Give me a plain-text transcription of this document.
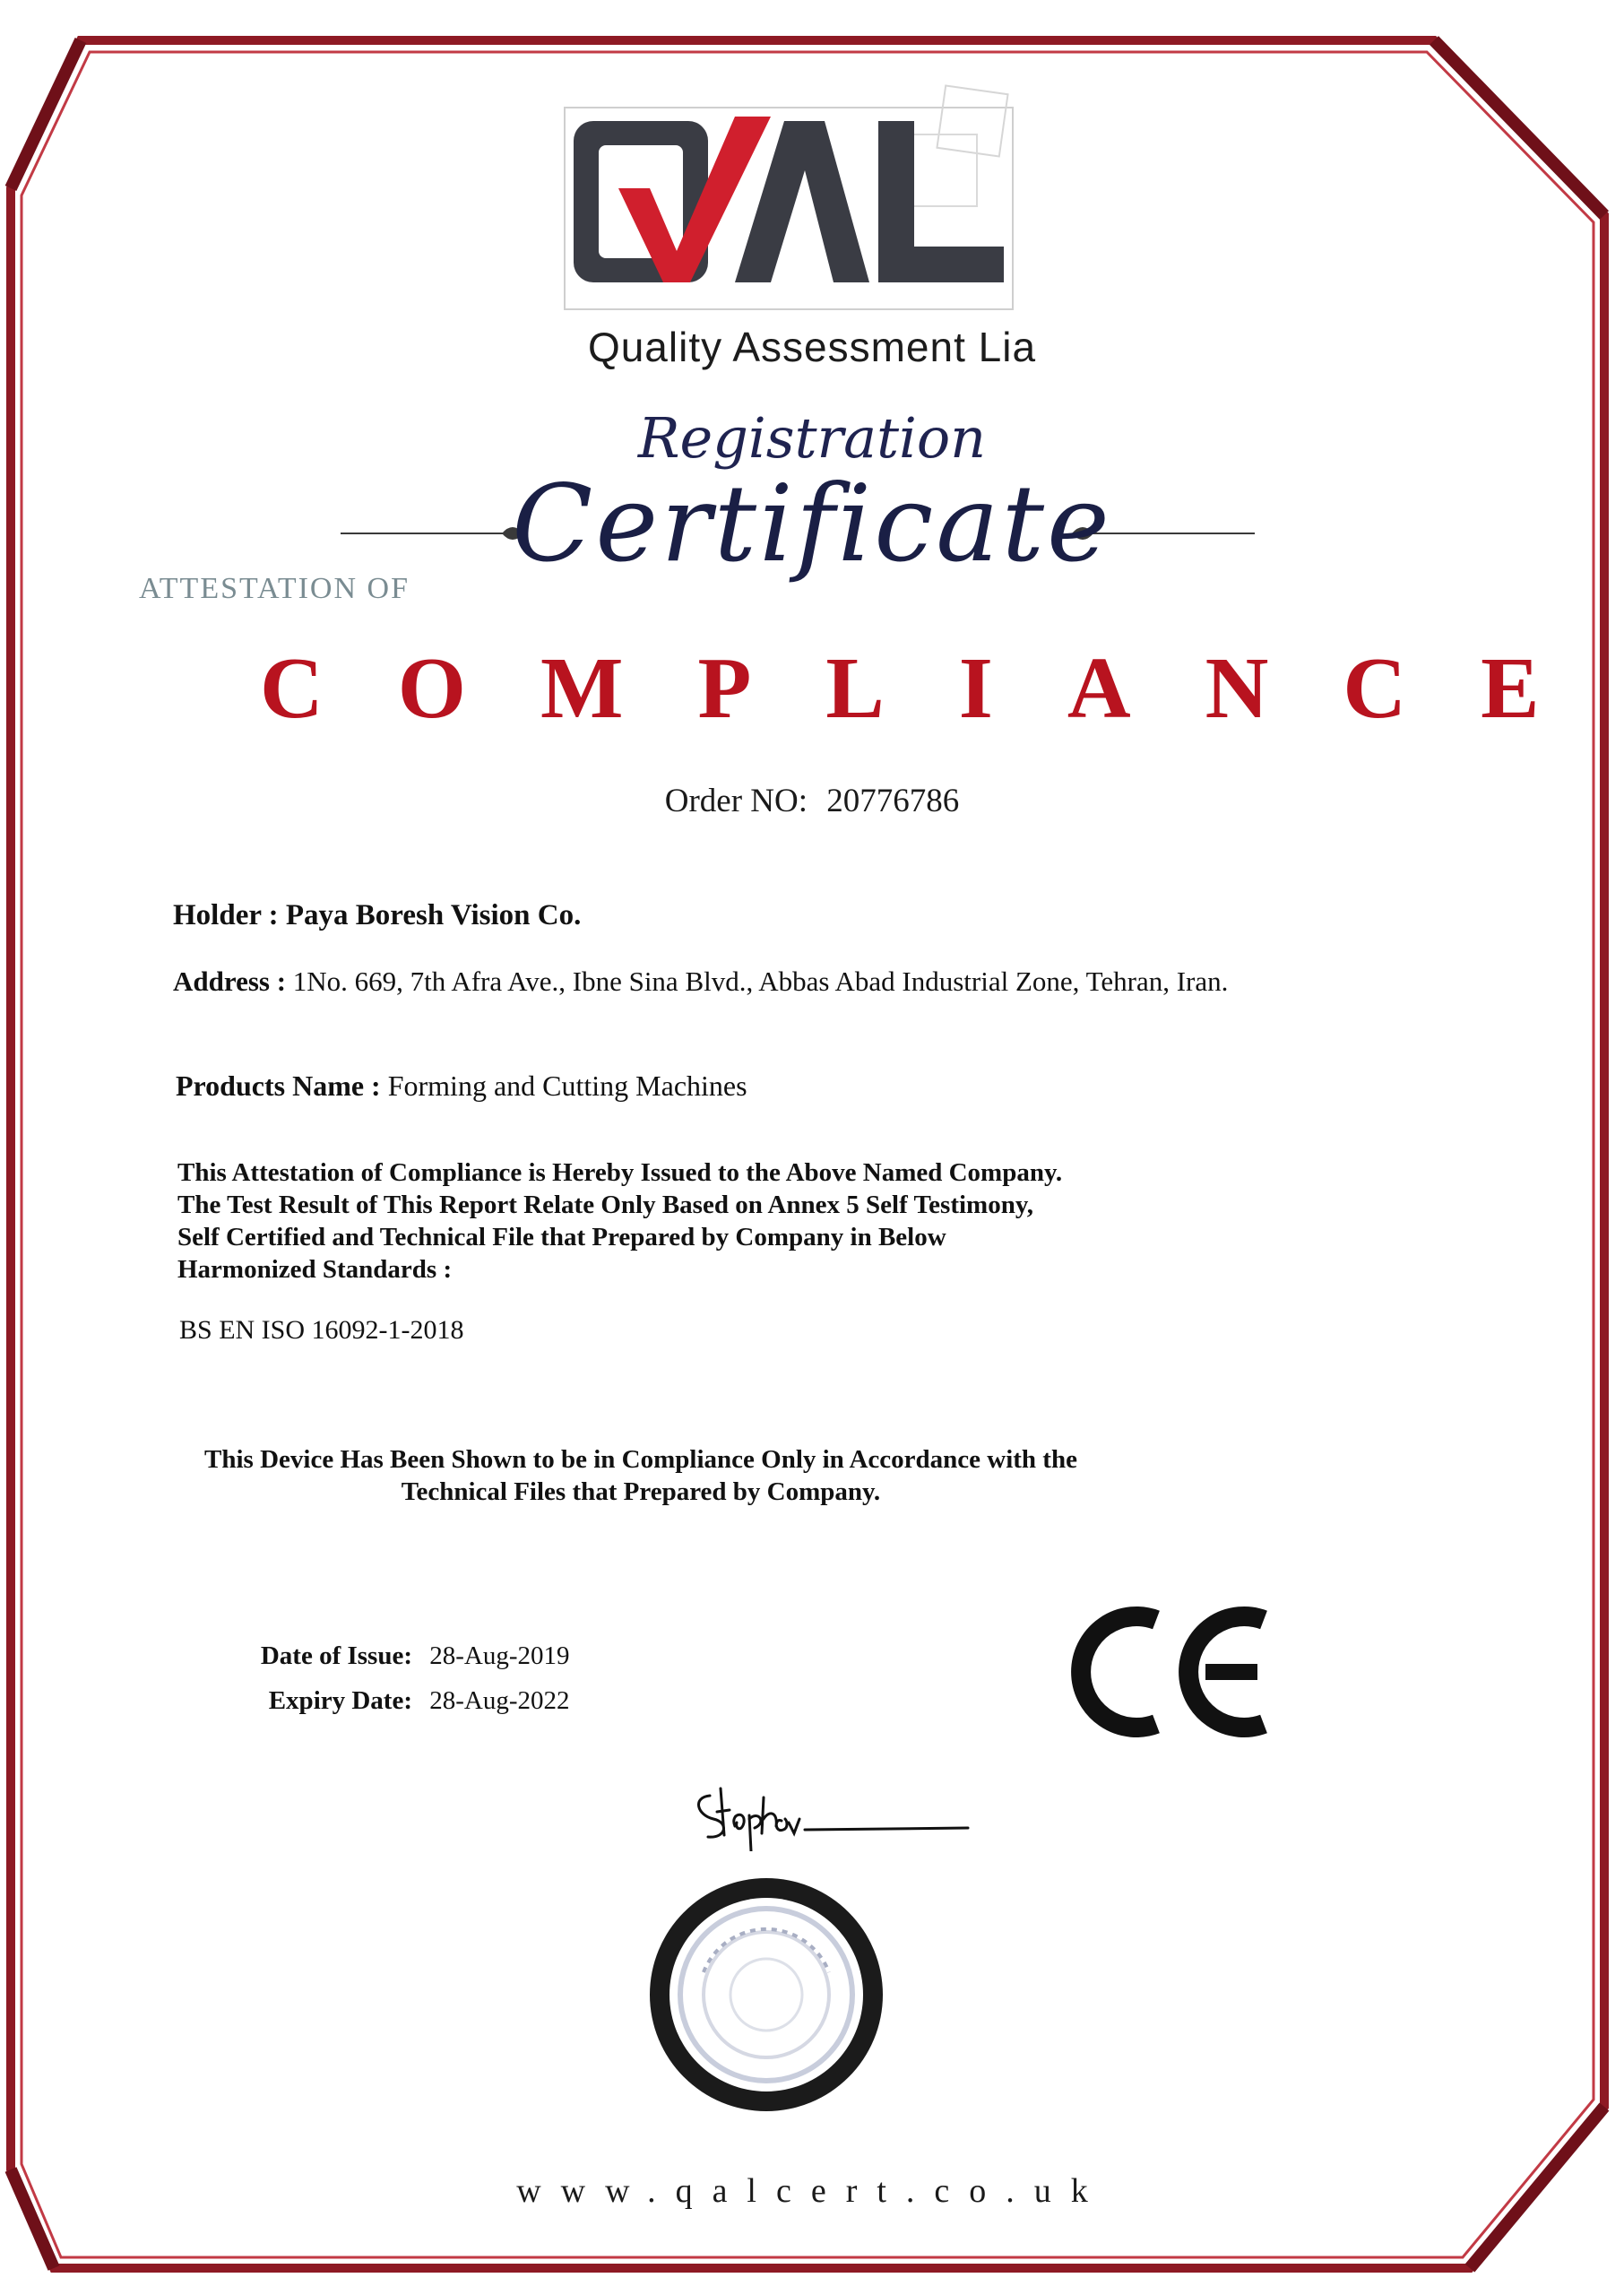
Quality Assessment Lia
Registration
Certificate
ATTESTATION OF
COMPLIANCE
Order NO: 20776786
Holder : Paya Boresh Vision Co.
Address : 1No. 669, 7th Afra Ave., Ibne Sina Blvd., Abbas Abad Industrial Zone, Tehran, Iran.
Products Name : Forming and Cutting Machines
This Attestation of Compliance is Hereby Issued to the Above Named Company.
The Test Result of This Report Relate Only Based on Annex 5 Self Testimony,
Self Certified and Technical File that Prepared by Company in Below
Harmonized Standards :
BS EN ISO 16092-1-2018
This Device Has Been Shown to be in Compliance Only in Accordance with the
Technical Files that Prepared by Company.
Date of Issue: 28-Aug-2019
Expiry Date: 28-Aug-2022
www.qalcert.co.uk
